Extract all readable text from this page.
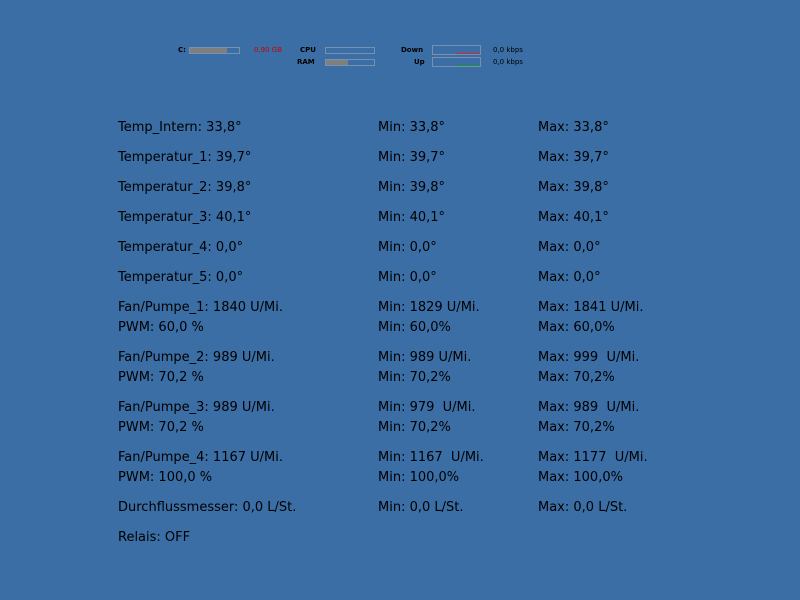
C:	0,90 GB	CPU
RAM
Down	0,0 kbps
Up	0,0 kbps
Temp_Intern: 33,8°	Min: 33,8°	Max: 33,8°
Temperatur_1: 39,7°	Min: 39,7°	Max: 39,7°
Temperatur_2: 39,8°	Min: 39,8°	Max: 39,8°
Temperatur_3: 40,1°	Min: 40,1°	Max: 40,1°
Temperatur_4: 0,0°	Min: 0,0°	Max: 0,0°
Temperatur_5: 0,0°	Min: 0,0°	Max: 0,0°
Fan/Pumpe_1: 1840 U/Mi.	Min: 1829 U/Mi.	Max: 1841 U/Mi.
PWM: 60,0 %	Min: 60,0%	Max: 60,0%
Fan/Pumpe_2: 989 U/Mi.	Min: 989 U/Mi.	Max: 999  U/Mi.
PWM: 70,2 %	Min: 70,2%	Max: 70,2%
Fan/Pumpe_3: 989 U/Mi.	Min: 979  U/Mi.	Max: 989  U/Mi.
PWM: 70,2 %	Min: 70,2%	Max: 70,2%
Fan/Pumpe_4: 1167 U/Mi.	Min: 1167  U/Mi.	Max: 1177  U/Mi.
PWM: 100,0 %	Min: 100,0%	Max: 100,0%
Durchflussmesser: 0,0 L/St.	Min: 0,0 L/St.	Max: 0,0 L/St.
Relais: OFF
